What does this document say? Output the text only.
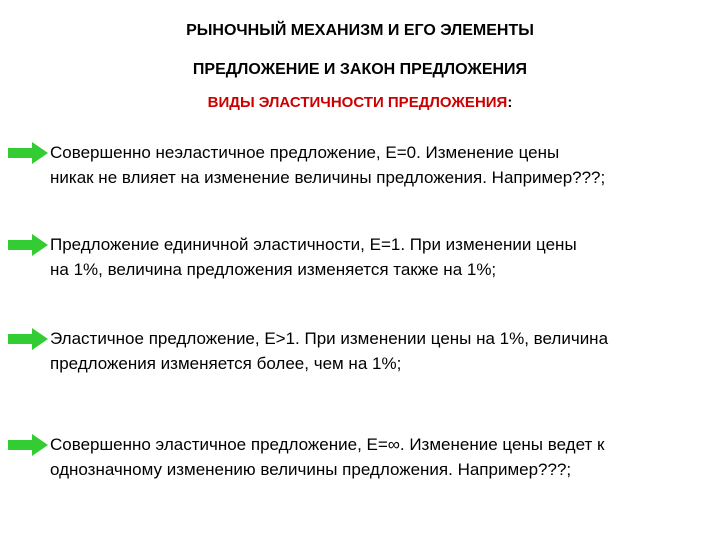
РЫНОЧНЫЙ МЕХАНИЗМ И ЕГО ЭЛЕМЕНТЫ
ПРЕДЛОЖЕНИЕ И ЗАКОН ПРЕДЛОЖЕНИЯ
ВИДЫ ЭЛАСТИЧНОСТИ ПРЕДЛОЖЕНИЯ:
Совершенно неэластичное предложение, E=0. Изменение цены
никак не влияет на изменение величины предложения. Например???;
Предложение единичной эластичности, E=1. При изменении цены
на 1%, величина предложения изменяется также на 1%;
Эластичное предложение, E>1. При изменении цены на 1%, величина
предложения изменяется более, чем на 1%;
Совершенно эластичное предложение, E=∞. Изменение цены ведет к
однозначному изменению величины предложения. Например???;
